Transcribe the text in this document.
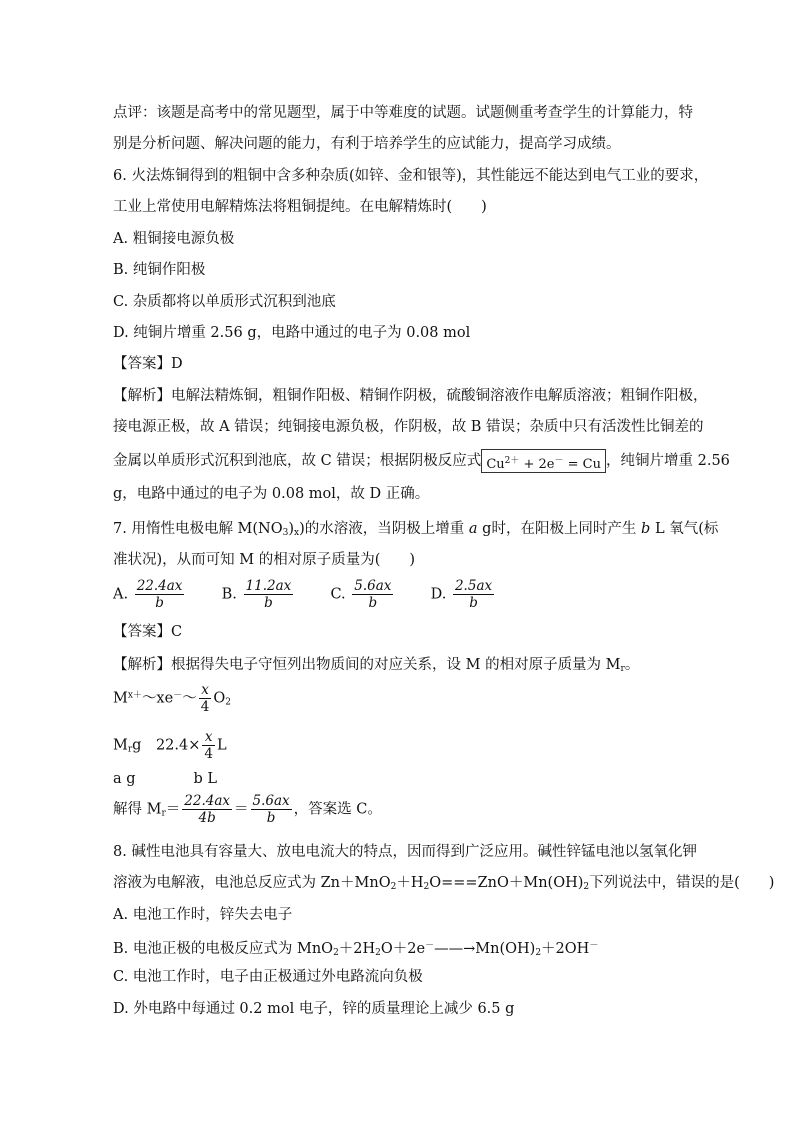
点评：该题是高考中的常见题型，属于中等难度的试题。试题侧重考查学生的计算能力，特
别是分析问题、解决问题的能力，有利于培养学生的应试能力，提高学习成绩。
6. 火法炼铜得到的粗铜中含多种杂质(如锌、金和银等)，其性能远不能达到电气工业的要求，
工业上常使用电解精炼法将粗铜提纯。在电解精炼时(　　)
A. 粗铜接电源负极
B. 纯铜作阳极
C. 杂质都将以单质形式沉积到池底
D. 纯铜片增重 2.56 g，电路中通过的电子为 0.08 mol
【答案】D
【解析】电解法精炼铜，粗铜作阳极、精铜作阴极，硫酸铜溶液作电解质溶液；粗铜作阳极，
接电源正极，故 A 错误；纯铜接电源负极，作阴极，故 B 错误；杂质中只有活泼性比铜差的
金属以单质形式沉积到池底，故 C 错误；根据阴极反应式 $Cu^{2+} + 2e^- = Cu$ ，纯铜片增重 2.56
g，电路中通过的电子为 0.08 mol，故 D 正确。
7. 用惰性电极电解 $M(NO_3)_x$)的水溶液，当阴极上增重 a g时，在阳极上同时产生 b L 氧气(标
准状况)，从而可知 M 的相对原子质量为(　　)
A. $\frac{22.4ax}{b}$	B. $\frac{11.2ax}{b}$	C. $\frac{5.6ax}{b}$	D. $\frac{2.5ax}{b}$
【答案】C
【解析】根据得失电子守恒列出物质间的对应关系，设 M 的相对原子质量为 $M_r$。
$M^{x+}\sim xe^-\sim \frac{x}{4} O_2$
$M_rg$　$22.4\times \frac{x}{4}$ L
a g　　　　b L
解得 $M_r= \frac{22.4ax}{4b} = \frac{5.6ax}{b}$ ，答案选 C。
8. 碱性电池具有容量大、放电电流大的特点，因而得到广泛应用。碱性锌锰电池以氢氧化钾
溶液为电解液，电池总反应式为 $Zn+MnO_2+H_2O===ZnO+Mn(OH)_2$下列说法中，错误的是(　　)
A. 电池工作时，锌失去电子
B. 电池正极的电极反应式为 $MnO_2+2H_2O+2e^-——\to Mn(OH)_2+2OH^-$
C. 电池工作时，电子由正极通过外电路流向负极
D. 外电路中每通过 0.2 mol 电子，锌的质量理论上减少 6.5 g
